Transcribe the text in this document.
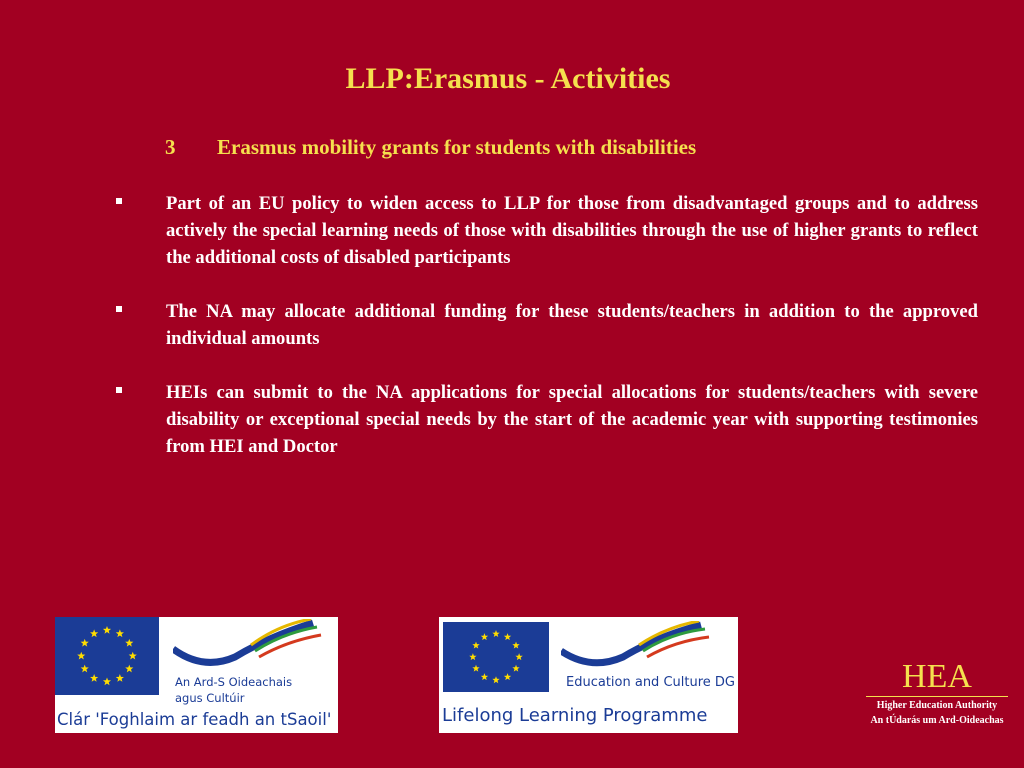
LLP:Erasmus - Activities
3 Erasmus mobility grants for students with disabilities
Part of an EU policy to widen access to LLP for those from disadvantaged groups and to address actively the special learning needs of those with disabilities through the use of higher grants to reflect the additional costs of disabled participants
The NA may allocate additional funding for these students/teachers in addition to the approved individual amounts
HEIs can submit to the NA applications for special allocations for students/teachers with severe disability or exceptional special needs by the start of the academic year with supporting testimonies from HEI and Doctor
An Ard-S Oideachais
agus Cultúir
Clár 'Foghlaim ar feadh an tSaoil'
Education and Culture DG
Lifelong Learning Programme
HEA
Higher Education Authority
An tÚdarás um Ard-Oideachas
